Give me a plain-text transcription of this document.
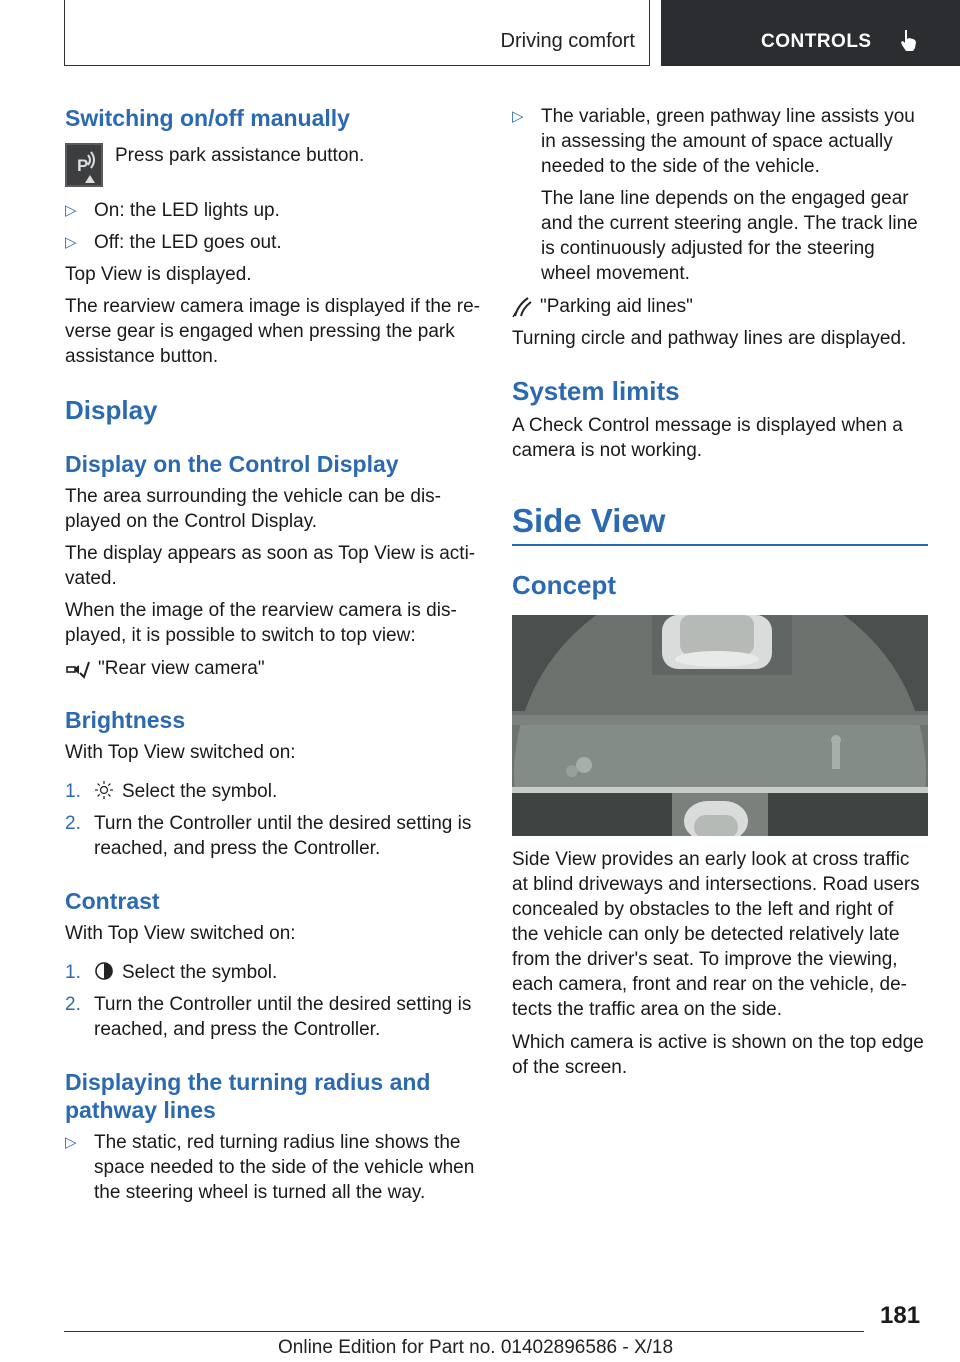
Driving comfort	CONTROLS
Switching on/off manually
P Press park assistance button.

▷ On: the LED lights up.
▷ Off: the LED goes out.

Top View is displayed.

The rearview camera image is displayed if the re‐

verse gear is engaged when pressing the park

assistance button.

Display
Display on the Control Display

The area surrounding the vehicle can be dis‐

played on the Control Display.

The display appears as soon as Top View is acti‐

vated.

When the image of the rearview camera is dis‐

played, it is possible to switch to top view:

"Rear view camera"

Brightness

With Top View switched on:

1. Select the symbol.
2. Turn the Controller until the desired setting is
reached, and press the Controller.
Contrast

With Top View switched on:

1. Select the symbol.
2. Turn the Controller until the desired setting is
reached, and press the Controller.
Displaying the turning radius and
pathway lines
▷ The static, red turning radius line shows the
space needed to the side of the vehicle when
the steering wheel is turned all the way.
▷ The variable, green pathway line assists you
in assessing the amount of space actually
needed to the side of the vehicle.
The lane line depends on the engaged gear
and the current steering angle. The track line
is continuously adjusted for the steering
wheel movement.

"Parking aid lines"

Turning circle and pathway lines are displayed.

System limits

A Check Control message is displayed when a

camera is not working.

Side View
Concept

Side View provides an early look at cross traffic

at blind driveways and intersections. Road users

concealed by obstacles to the left and right of

the vehicle can only be detected relatively late

from the driver's seat. To improve the viewing,

each camera, front and rear on the vehicle, de‐

tects the traffic area on the side.

Which camera is active is shown on the top edge

of the screen.

181
Online Edition for Part no. 01402896586 - X/18
